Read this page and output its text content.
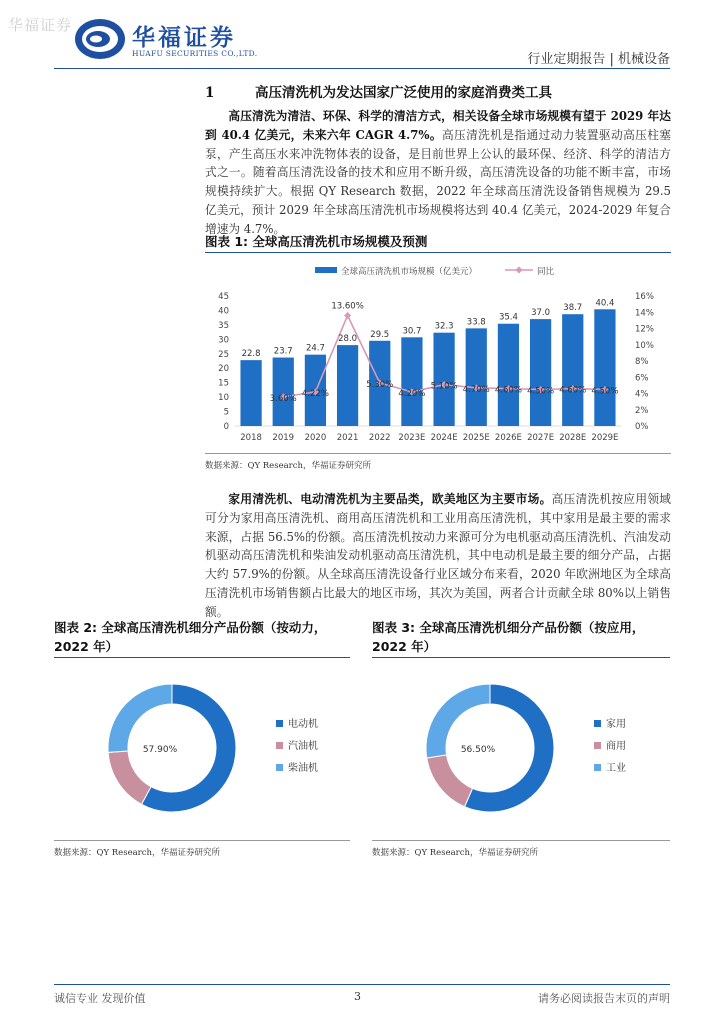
华福证券	华福证券
HUAFU SECURITIES CO.,LTD.	行业定期报告 | 机械设备
1	高压清洗机为发达国家广泛使用的家庭消费类工具

高压清洗为清洁、环保、科学的清洁方式，相关设备全球市场规模有望于 2029 年达到 40.4 亿美元，未来六年 CAGR 4.7%。高压清洗机是指通过动力装置驱动高压柱塞泵，产生高压水来冲洗物体表的设备，是目前世界上公认的最环保、经济、科学的清洁方式之一。随着高压清洗设备的技术和应用不断升级，高压清洗设备的功能不断丰富，市场规模持续扩大。根据 QY Research 数据，2022 年全球高压清洗设备销售规模为 29.5 亿美元，预计 2029 年全球高压清洗机市场规模将达到 40.4 亿美元，2024-2029 年复合增速为 4.7%。

图表 1: 全球高压清洗机市场规模及预测
全球高压清洗机市场规模（亿美元）	同比
0
5
10
15
20
25
30
35
40
45
0%
2%
4%
6%
8%
10%
12%
14%
16%
2018 2019 2020 2021 2022 2023E 2024E 2025E 2026E 2027E 2028E 2029E
22.8 23.7 24.7
28.0 29.5 30.7 32.3 33.8 35.4 37.0 38.7 40.4
3.60% 4.22%
13.60%
5.30%
4.20%
5.10% 4.70% 4.60% 4.50% 4.60% 4.50%
数据来源：QY Research，华福证券研究所

家用清洗机、电动清洗机为主要品类，欧美地区为主要市场。高压清洗机按应用领域可分为家用高压清洗机、商用高压清洗机和工业用高压清洗机，其中家用是最主要的需求来源，占据 56.5%的份额。高压清洗机按动力来源可分为电机驱动高压清洗机、汽油发动机驱动高压清洗机和柴油发动机驱动高压清洗机，其中电动机是最主要的细分产品，占据大约 57.9%的份额。从全球高压清洗设备行业区域分布来看，2020 年欧洲地区为全球高压清洗机市场销售额占比最大的地区市场，其次为美国，两者合计贡献全球 80%以上销售额。

图表 2: 全球高压清洗机细分产品份额（按动力，2022 年）
图表 3: 全球高压清洗机细分产品份额（按应用，2022 年）
57.90%
电动机
汽油机
柴油机
56.50%
家用
商用
工业
数据来源：QY Research，华福证券研究所	数据来源：QY Research，华福证券研究所
诚信专业 发现价值	3	请务必阅读报告末页的声明
